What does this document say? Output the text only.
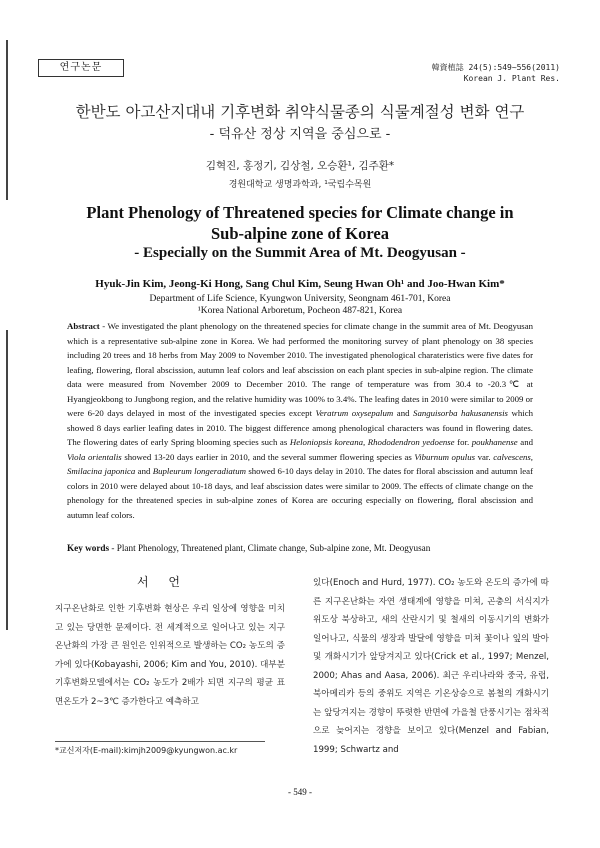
연구논문	韓資植誌 24(5):549~556(2011)
Korean J. Plant Res.
한반도 아고산지대내 기후변화 취약식물종의 식물계절성 변화 연구
- 덕유산 정상 지역을 중심으로 -
김혁진, 홍정기, 김상철, 오승환¹, 김주환*
경원대학교 생명과학과, ¹국립수목원
Plant Phenology of Threatened species for Climate change in
Sub-alpine zone of Korea
- Especially on the Summit Area of Mt. Deogyusan -
Hyuk-Jin Kim, Jeong-Ki Hong, Sang Chul Kim, Seung Hwan Oh¹ and Joo-Hwan Kim*
Department of Life Science, Kyungwon University, Seongnam 461-701, Korea
¹Korea National Arboretum, Pocheon 487-821, Korea
Abstract - We investigated the plant phenology on the threatened species for climate change in the summit area of Mt. Deogyusan which is a representative sub-alpine zone in Korea. We had performed the monitoring survey of plant phenology on 38 species including 20 trees and 18 herbs from May 2009 to November 2010. The investigated phenological charateristics were five dates for leafing, flowering, floral abscission, autumn leaf colors and leaf abscission on each plant species in sub-alpine region. The climate data were measured from November 2009 to December 2010. The range of temperature was from 30.4 to -20.3℃ at Hyangjeokbong to Jungbong region, and the relative humidity was 100% to 3.4%. The leafing dates in 2010 were similar to 2009 or were 6-20 days delayed in most of the investigated species except Veratrum oxysepalum and Sanguisorba hakusanensis which showed 8 days earlier leafing dates in 2010. The biggest difference among phenological characters was found in flowering dates. The flowering dates of early Spring blooming species such as Heloniopsis koreana, Rhododendron yedoense for. poukhanense and Viola orientalis showed 13-20 days earlier in 2010, and the several summer flowering species as Viburnum opulus var. calvescens, Smilacina japonica and Bupleurum longeradiatum showed 6-10 days delay in 2010. The dates for floral abscission and autumn leaf colors in 2010 were delayed about 10-18 days, and leaf abscission dates were similar to 2009. The effects of climate change on the phenology for the threatened species in sub-alpine zones of Korea are occuring especially on flowering, floral abscission and autumn leaf colors.
Key words - Plant Phenology, Threatened plant, Climate change, Sub-alpine zone, Mt. Deogyusan
서 언
지구온난화로 인한 기후변화 현상은 우리 일상에 영향을 미치고 있는 당면한 문제이다. 전 세계적으로 일어나고 있는 지구온난화의 가장 큰 원인은 인위적으로 발생하는 CO₂ 농도의 증가에 있다(Kobayashi, 2006; Kim and You, 2010). 대부분 기후변화모델에서는 CO₂ 농도가 2배가 되면 지구의 평균 표면온도가 2~3℃ 증가한다고 예측하고
있다(Enoch and Hurd, 1977). CO₂ 농도와 온도의 증가에 따른 지구온난화는 자연 생태계에 영향을 미쳐, 곤충의 서식지가 위도상 북상하고, 새의 산란시기 및 철새의 이동시기의 변화가 일어나고, 식물의 생장과 발달에 영향을 미쳐 꽃이나 잎의 발아 및 개화시기가 앞당겨지고 있다(Crick et al., 1997; Menzel, 2000; Ahas and Aasa, 2006). 최근 우리나라와 중국, 유럽, 북아메리카 등의 중위도 지역은 기온상승으로 봄철의 개화시기는 앞당겨지는 경향이 뚜렷한 반면에 가을철 단풍시기는 점차적으로 늦어지는 경향을 보이고 있다(Menzel and Fabian, 1999; Schwartz and
*교신저자(E-mail):kimjh2009@kyungwon.ac.kr
- 549 -
